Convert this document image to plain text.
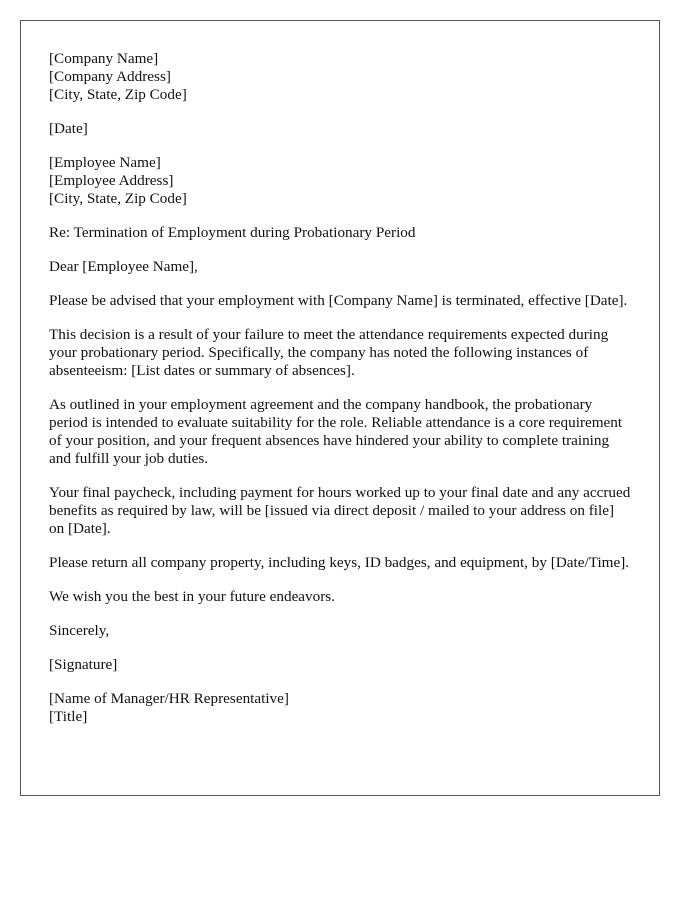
[Company Name]
[Company Address]
[City, State, Zip Code]
[Date]
[Employee Name]
[Employee Address]
[City, State, Zip Code]

Re: Termination of Employment during Probationary Period

Dear [Employee Name],

Please be advised that your employment with [Company Name] is terminated, effective [Date].

This decision is a result of your failure to meet the attendance requirements expected during your probationary period. Specifically, the company has noted the following instances of absenteeism: [List dates or summary of absences].

As outlined in your employment agreement and the company handbook, the probationary period is intended to evaluate suitability for the role. Reliable attendance is a core requirement of your position, and your frequent absences have hindered your ability to complete training and fulfill your job duties.

Your final paycheck, including payment for hours worked up to your final date and any accrued benefits as required by law, will be [issued via direct deposit / mailed to your address on file] on [Date].

Please return all company property, including keys, ID badges, and equipment, by [Date/Time].

We wish you the best in your future endeavors.

Sincerely,

[Signature]

[Name of Manager/HR Representative]
[Title]
